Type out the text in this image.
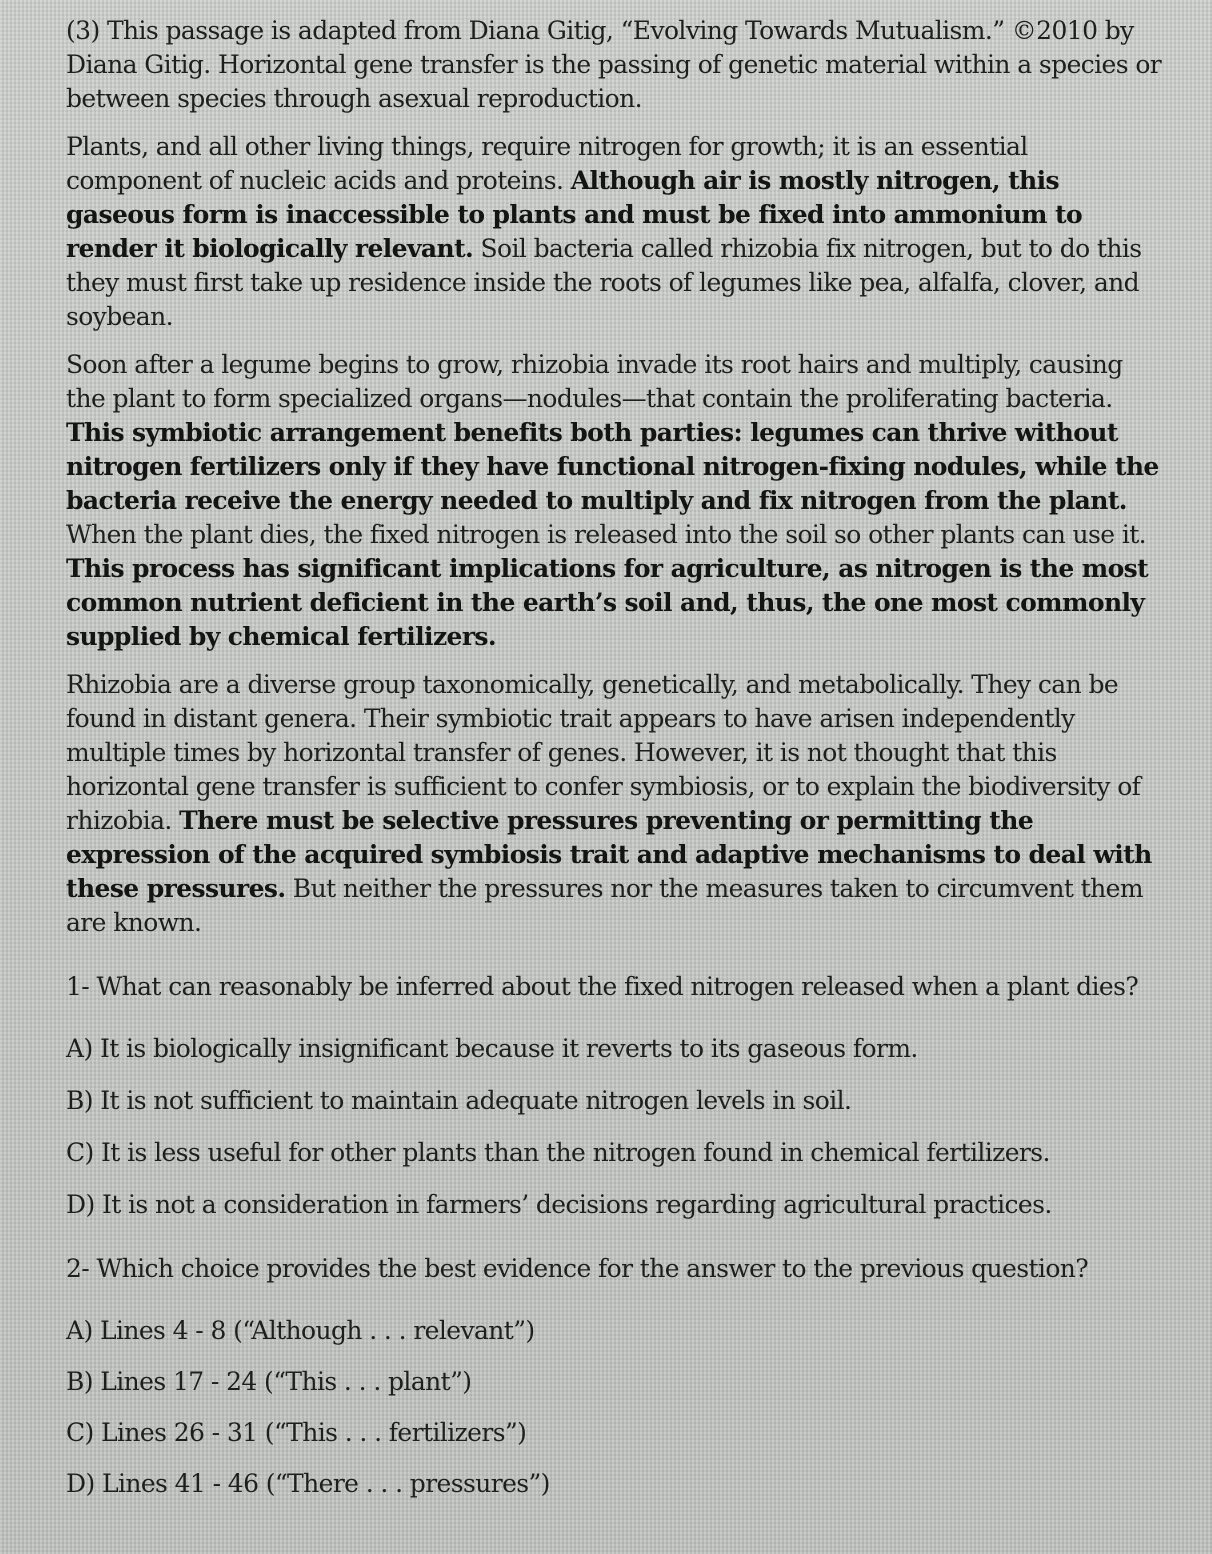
(3) This passage is adapted from Diana Gitig, “Evolving Towards Mutualism.” ©2010 by Diana Gitig. Horizontal gene transfer is the passing of genetic material within a species or between species through asexual reproduction.

Plants, and all other living things, require nitrogen for growth; it is an essential component of nucleic acids and proteins. Although air is mostly nitrogen, this gaseous form is inaccessible to plants and must be fixed into ammonium to render it biologically relevant. Soil bacteria called rhizobia fix nitrogen, but to do this they must first take up residence inside the roots of legumes like pea, alfalfa, clover, and soybean.

Soon after a legume begins to grow, rhizobia invade its root hairs and multiply, causing the plant to form specialized organs—nodules—that contain the proliferating bacteria. This symbiotic arrangement benefits both parties: legumes can thrive without nitrogen fertilizers only if they have functional nitrogen-fixing nodules, while the bacteria receive the energy needed to multiply and fix nitrogen from the plant. When the plant dies, the fixed nitrogen is released into the soil so other plants can use it. This process has significant implications for agriculture, as nitrogen is the most common nutrient deficient in the earth’s soil and, thus, the one most commonly supplied by chemical fertilizers.

Rhizobia are a diverse group taxonomically, genetically, and metabolically. They can be found in distant genera. Their symbiotic trait appears to have arisen independently multiple times by horizontal transfer of genes. However, it is not thought that this horizontal gene transfer is sufficient to confer symbiosis, or to explain the biodiversity of rhizobia. There must be selective pressures preventing or permitting the expression of the acquired symbiosis trait and adaptive mechanisms to deal with these pressures. But neither the pressures nor the measures taken to circumvent them are known.

1- What can reasonably be inferred about the fixed nitrogen released when a plant dies?

A) It is biologically insignificant because it reverts to its gaseous form.

B) It is not sufficient to maintain adequate nitrogen levels in soil.

C) It is less useful for other plants than the nitrogen found in chemical fertilizers.

D) It is not a consideration in farmers’ decisions regarding agricultural practices.

2- Which choice provides the best evidence for the answer to the previous question?

A) Lines 4 - 8 (“Although . . . relevant”)

B) Lines 17 - 24 (“This . . . plant”)

C) Lines 26 - 31 (“This . . . fertilizers”)

D) Lines 41 - 46 (“There . . . pressures”)
